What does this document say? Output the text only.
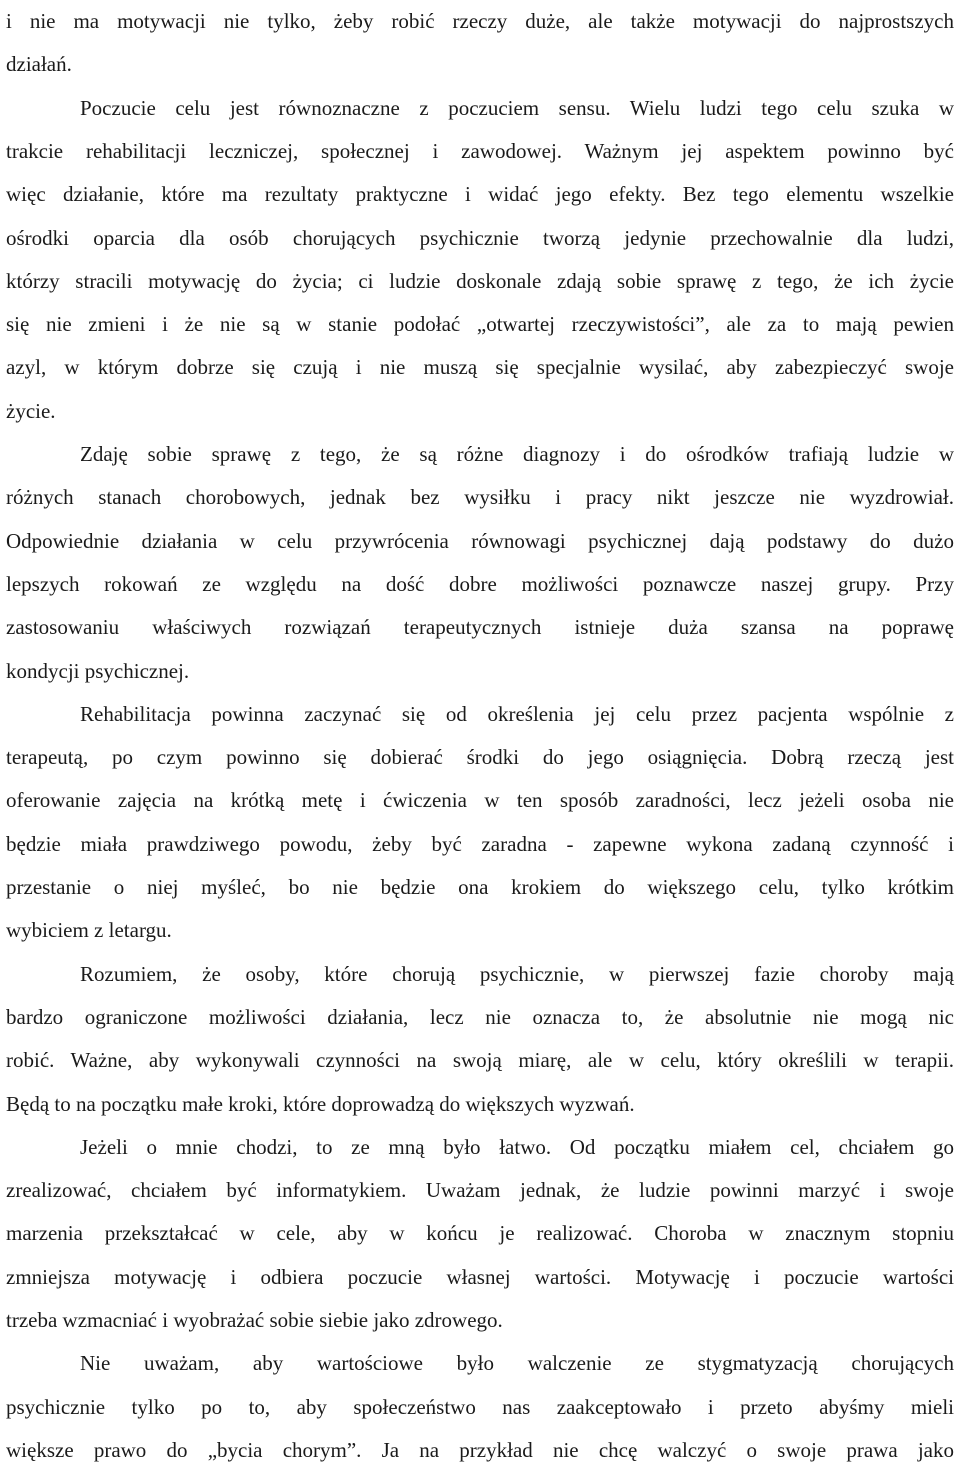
i nie ma motywacji nie tylko, żeby robić rzeczy duże, ale także motywacji do najprostszych
działań.
Poczucie celu jest równoznaczne z poczuciem sensu. Wielu ludzi tego celu szuka w
trakcie rehabilitacji leczniczej, społecznej i zawodowej. Ważnym jej aspektem powinno być
więc działanie, które ma rezultaty praktyczne i widać jego efekty. Bez tego elementu wszelkie
ośrodki oparcia dla osób chorujących psychicznie tworzą jedynie przechowalnie dla ludzi,
którzy stracili motywację do życia; ci ludzie doskonale zdają sobie sprawę z tego, że ich życie
się nie zmieni i że nie są w stanie podołać „otwartej rzeczywistości”, ale za to mają pewien
azyl, w którym dobrze się czują i nie muszą się specjalnie wysilać, aby zabezpieczyć swoje
życie.
Zdaję sobie sprawę z tego, że są różne diagnozy i do ośrodków trafiają ludzie w
różnych stanach chorobowych, jednak bez wysiłku i pracy nikt jeszcze nie wyzdrowiał.
Odpowiednie działania w celu przywrócenia równowagi psychicznej dają podstawy do dużo
lepszych rokowań ze względu na dość dobre możliwości poznawcze naszej grupy. Przy
zastosowaniu właściwych rozwiązań terapeutycznych istnieje duża szansa na poprawę
kondycji psychicznej.
Rehabilitacja powinna zaczynać się od określenia jej celu przez pacjenta wspólnie z
terapeutą, po czym powinno się dobierać środki do jego osiągnięcia. Dobrą rzeczą jest
oferowanie zajęcia na krótką metę i ćwiczenia w ten sposób zaradności, lecz jeżeli osoba nie
będzie miała prawdziwego powodu, żeby być zaradna - zapewne wykona zadaną czynność i
przestanie o niej myśleć, bo nie będzie ona krokiem do większego celu, tylko krótkim
wybiciem z letargu.
Rozumiem, że osoby, które chorują psychicznie, w pierwszej fazie choroby mają
bardzo ograniczone możliwości działania, lecz nie oznacza to, że absolutnie nie mogą nic
robić. Ważne, aby wykonywali czynności na swoją miarę, ale w celu, który określili w terapii.
Będą to na początku małe kroki, które doprowadzą do większych wyzwań.
Jeżeli o mnie chodzi, to ze mną było łatwo. Od początku miałem cel, chciałem go
zrealizować, chciałem być informatykiem. Uważam jednak, że ludzie powinni marzyć i swoje
marzenia przekształcać w cele, aby w końcu je realizować. Choroba w znacznym stopniu
zmniejsza motywację i odbiera poczucie własnej wartości. Motywację i poczucie wartości
trzeba wzmacniać i wyobrażać sobie siebie jako zdrowego.
Nie uważam, aby wartościowe było walczenie ze stygmatyzacją chorujących
psychicznie tylko po to, aby społeczeństwo nas zaakceptowało i przeto abyśmy mieli
większe prawo do „bycia chorym”. Ja na przykład nie chcę walczyć o swoje prawa jako
